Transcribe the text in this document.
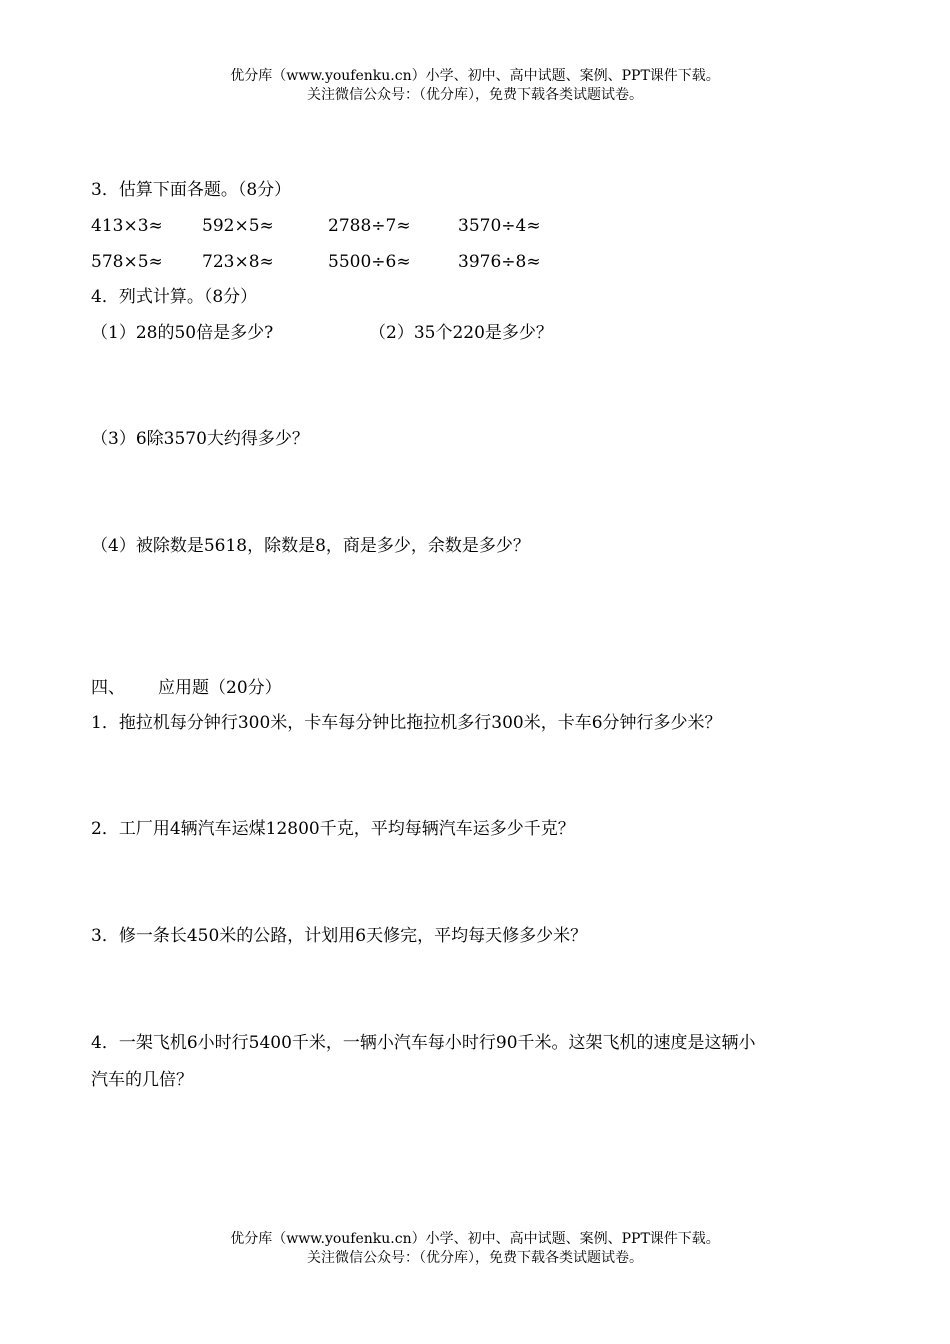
优分库（www.youfenku.cn）小学、初中、高中试题、案例、PPT课件下载。
关注微信公众号：（优分库），免费下载各类试题试卷。
3．估算下面各题。（8分）
413×3≈ 592×5≈	2788÷7≈	3570÷4≈
578×5≈ 723×8≈	5500÷6≈	3976÷8≈
4．列式计算。（8分）
（1）28的50倍是多少?	（2）35个220是多少？
（3）6除3570大约得多少？
（4）被除数是5618，除数是8，商是多少，余数是多少？
四、 应用题（20分）
1．拖拉机每分钟行300米，卡车每分钟比拖拉机多行300米，卡车6分钟行多少米？
2．工厂用4辆汽车运煤12800千克，平均每辆汽车运多少千克？
3．修一条长450米的公路，计划用6天修完，平均每天修多少米？
4．一架飞机6小时行5400千米，一辆小汽车每小时行90千米。这架飞机的速度是这辆小
汽车的几倍？
优分库（www.youfenku.cn）小学、初中、高中试题、案例、PPT课件下载。
关注微信公众号：（优分库），免费下载各类试题试卷。
